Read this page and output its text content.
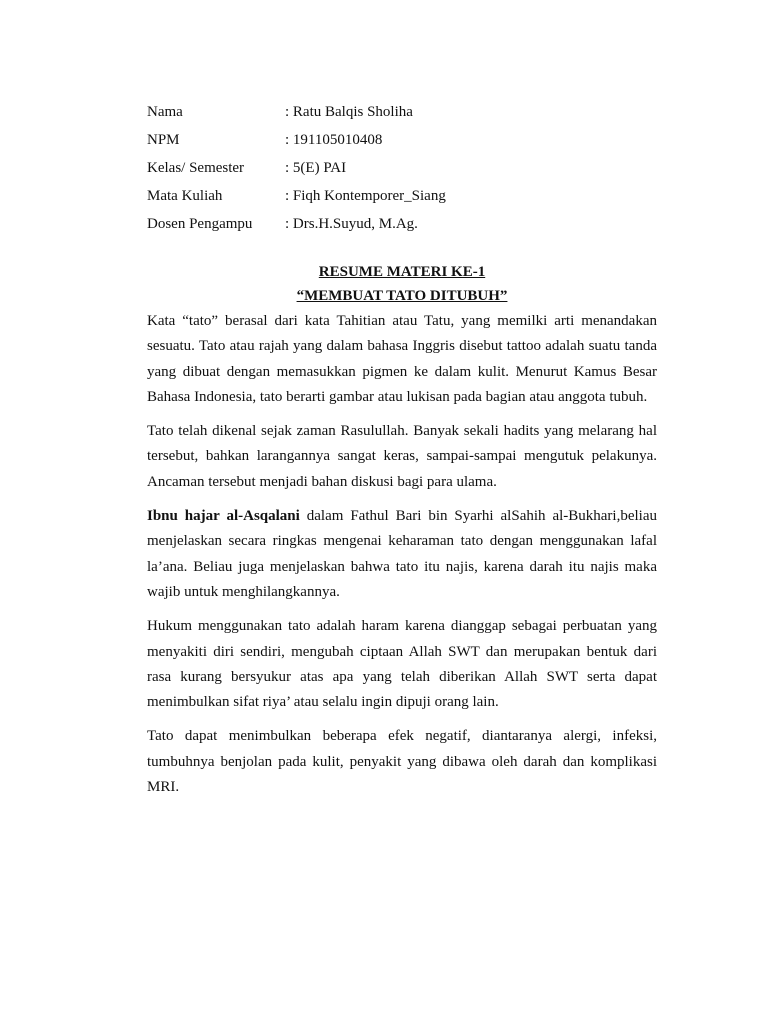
Nama	: Ratu Balqis Sholiha
NPM	: 191105010408
Kelas/ Semester	: 5(E) PAI
Mata Kuliah	: Fiqh Kontemporer_Siang
Dosen Pengampu	: Drs.H.Suyud, M.Ag.
RESUME MATERI KE-1
“MEMBUAT TATO DITUBUH”

Kata “tato” berasal dari kata Tahitian atau Tatu, yang memilki arti menandakan sesuatu. Tato atau rajah yang dalam bahasa Inggris disebut tattoo adalah suatu tanda yang dibuat dengan memasukkan pigmen ke dalam kulit. Menurut Kamus Besar Bahasa Indonesia, tato berarti gambar atau lukisan pada bagian atau anggota tubuh.

Tato telah dikenal sejak zaman Rasulullah. Banyak sekali hadits yang melarang hal tersebut, bahkan larangannya sangat keras, sampai-sampai mengutuk pelakunya. Ancaman tersebut menjadi bahan diskusi bagi para ulama.

Ibnu hajar al-Asqalani dalam Fathul Bari bin Syarhi alSahih al-Bukhari,beliau menjelaskan secara ringkas mengenai keharaman tato dengan menggunakan lafal la’ana. Beliau juga menjelaskan bahwa tato itu najis, karena darah itu najis maka wajib untuk menghilangkannya.

Hukum menggunakan tato adalah haram karena dianggap sebagai perbuatan yang menyakiti diri sendiri, mengubah ciptaan Allah SWT dan merupakan bentuk dari rasa kurang bersyukur atas apa yang telah diberikan Allah SWT serta dapat menimbulkan sifat riya’ atau selalu ingin dipuji orang lain.

Tato dapat menimbulkan beberapa efek negatif, diantaranya alergi, infeksi, tumbuhnya benjolan pada kulit, penyakit yang dibawa oleh darah dan komplikasi MRI.
